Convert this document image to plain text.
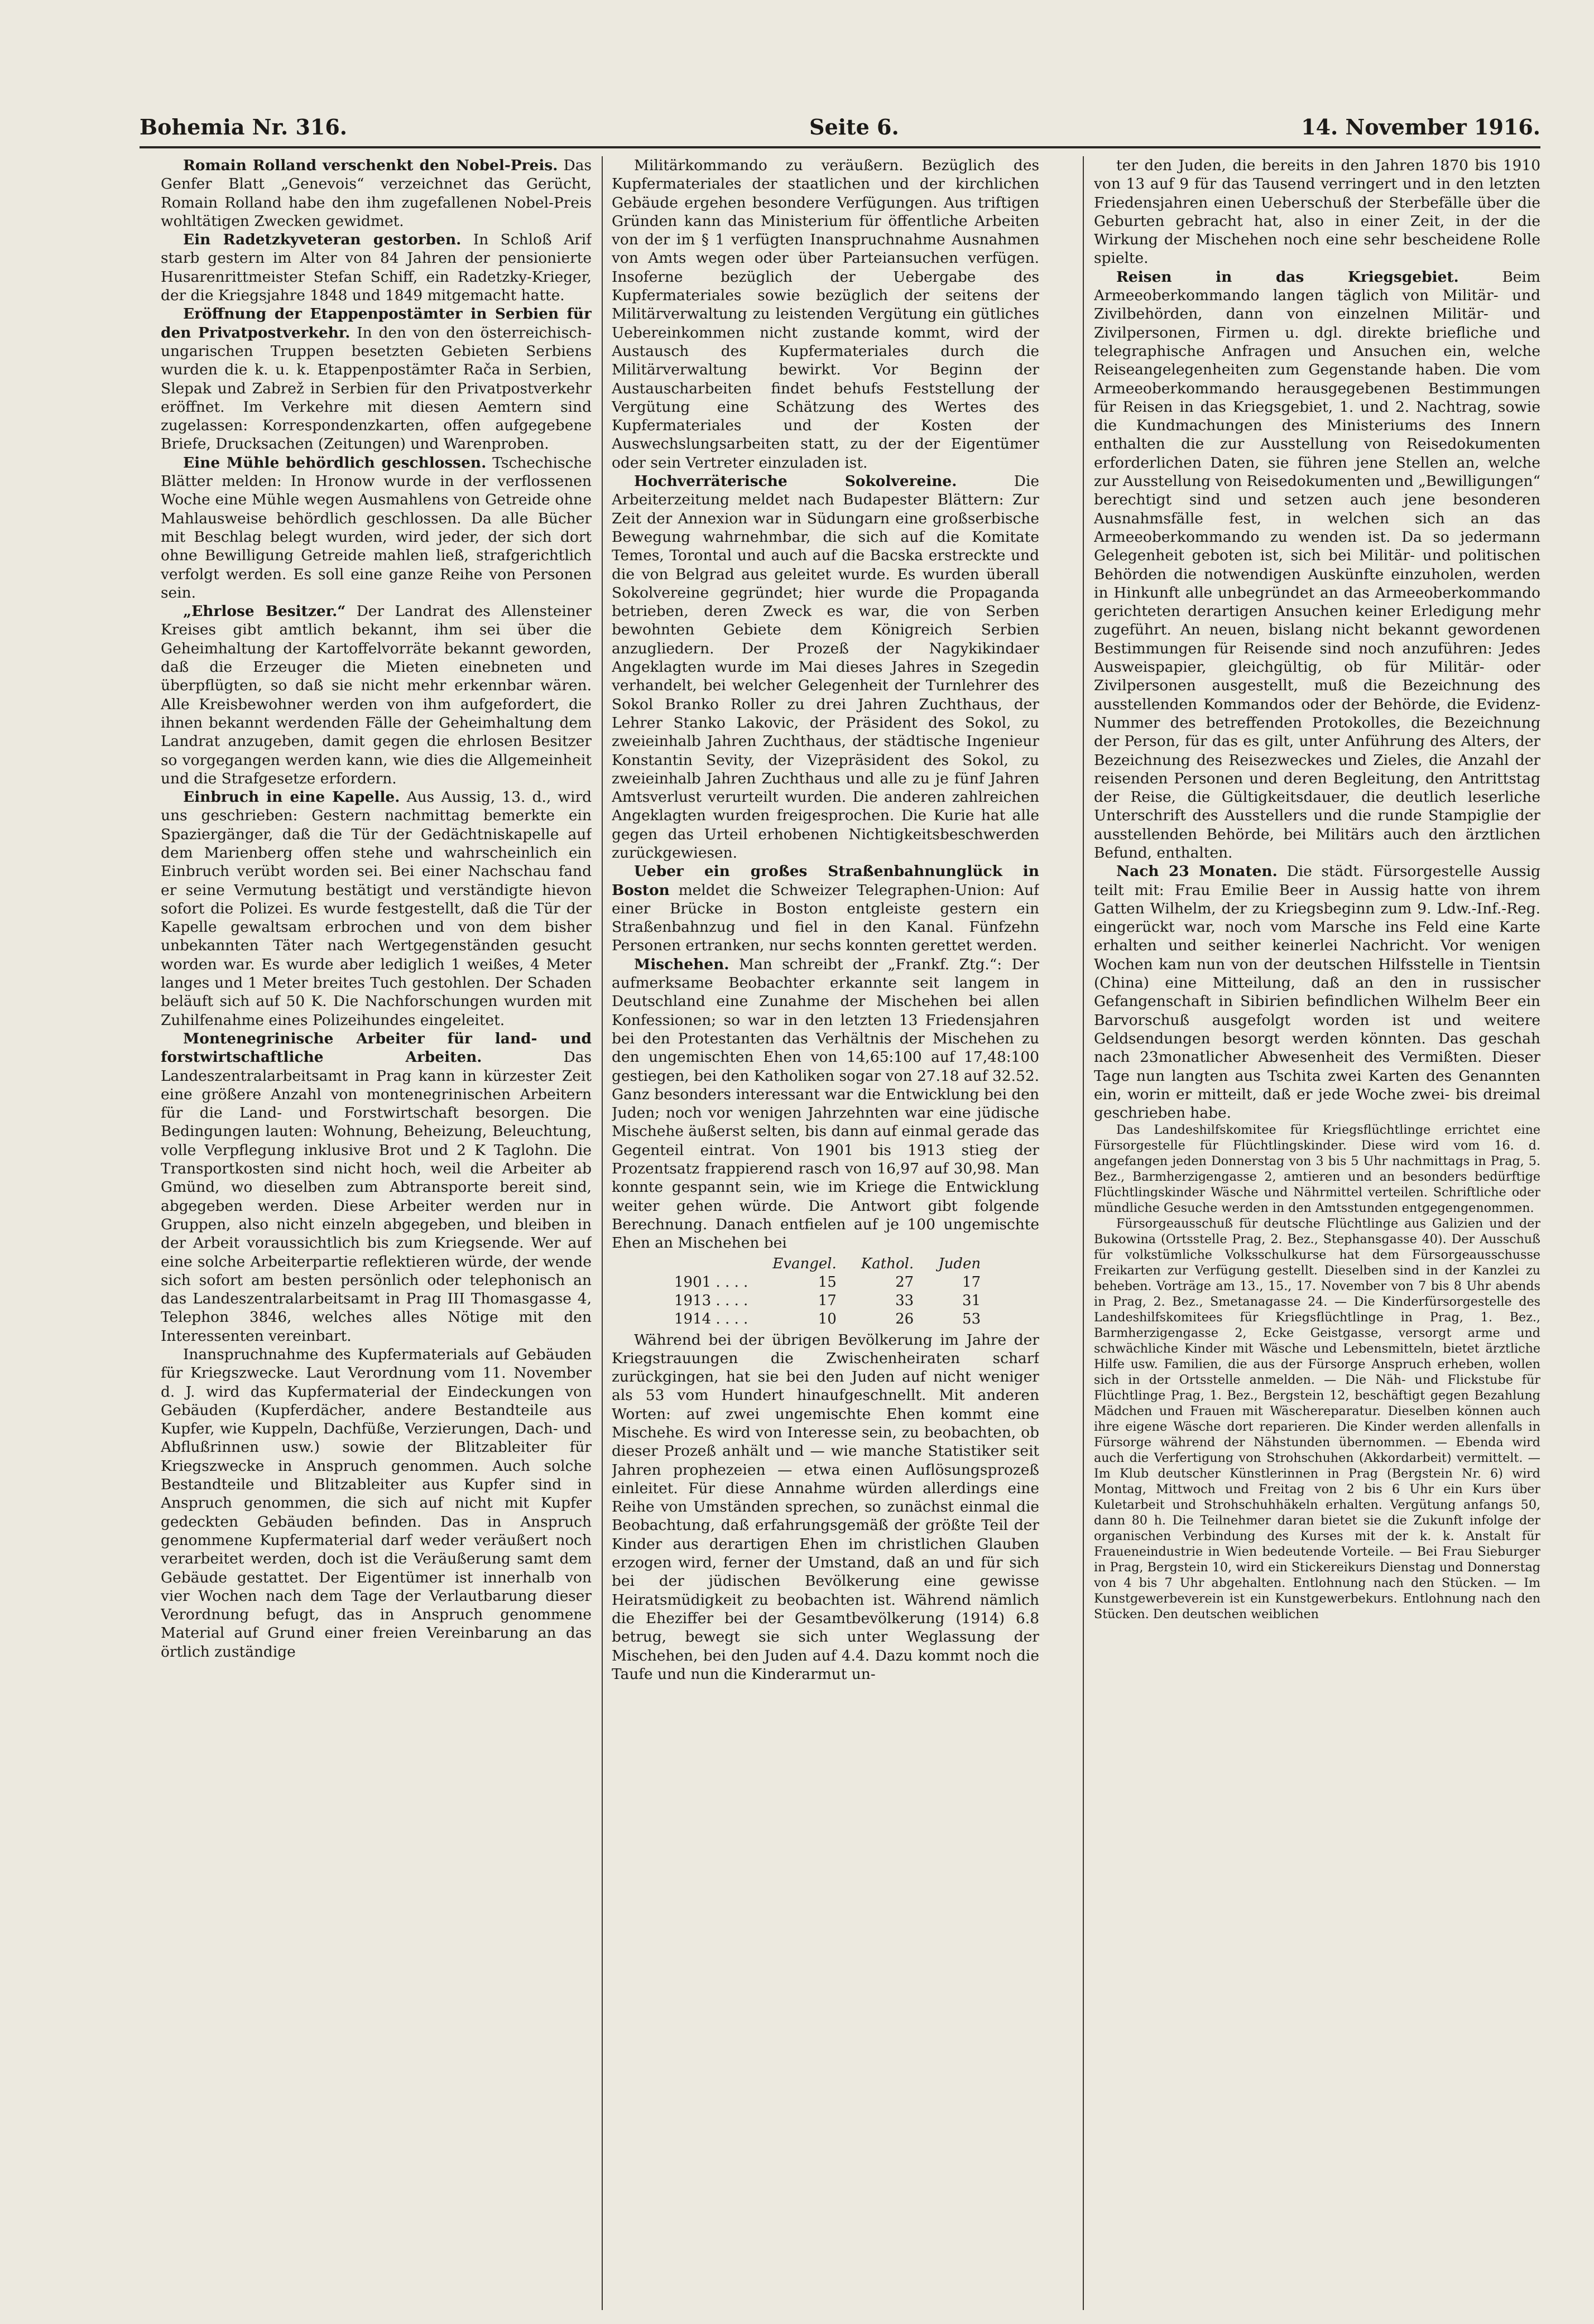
Bohemia Nr. 316.	Seite 6.	14. November 1916.

Romain Rolland verschenkt den Nobel-Preis. Das Genfer Blatt „Genevois“ verzeichnet das Gerücht, Romain Rolland habe den ihm zugefallenen Nobel-Preis wohltätigen Zwecken gewidmet.

Ein Radetzkyveteran gestorben. In Schloß Arif starb gestern im Alter von 84 Jahren der pensionierte Husarenrittmeister Stefan Schiff, ein Radetzky-Krieger, der die Kriegsjahre 1848 und 1849 mitgemacht hatte.

Eröffnung der Etappenpostämter in Serbien für den Privatpostverkehr. In den von den österreichisch-ungarischen Truppen besetzten Gebieten Serbiens wurden die k. u. k. Etappenpostämter Rača in Serbien, Slepak und Zabrež in Serbien für den Privatpostverkehr eröffnet. Im Verkehre mit diesen Aemtern sind zugelassen: Korrespondenzkarten, offen aufgegebene Briefe, Drucksachen (Zeitungen) und Warenproben.

Eine Mühle behördlich geschlossen. Tschechische Blätter melden: In Hronow wurde in der verflossenen Woche eine Mühle wegen Ausmahlens von Getreide ohne Mahlausweise behördlich geschlossen. Da alle Bücher mit Beschlag belegt wurden, wird jeder, der sich dort ohne Bewilligung Getreide mahlen ließ, strafgerichtlich verfolgt werden. Es soll eine ganze Reihe von Personen sein.

„Ehrlose Besitzer.“ Der Landrat des Allensteiner Kreises gibt amtlich bekannt, ihm sei über die Geheimhaltung der Kartoffelvorräte bekannt geworden, daß die Erzeuger die Mieten einebneten und überpflügten, so daß sie nicht mehr erkennbar wären. Alle Kreisbewohner werden von ihm aufgefordert, die ihnen bekannt werdenden Fälle der Geheimhaltung dem Landrat anzugeben, damit gegen die ehrlosen Besitzer so vorgegangen werden kann, wie dies die Allgemeinheit und die Strafgesetze erfordern.

Einbruch in eine Kapelle. Aus Aussig, 13. d., wird uns geschrieben: Gestern nachmittag bemerkte ein Spaziergänger, daß die Tür der Gedächtniskapelle auf dem Marienberg offen stehe und wahrscheinlich ein Einbruch verübt worden sei. Bei einer Nachschau fand er seine Vermutung bestätigt und verständigte hievon sofort die Polizei. Es wurde festgestellt, daß die Tür der Kapelle gewaltsam erbrochen und von dem bisher unbekannten Täter nach Wertgegenständen gesucht worden war. Es wurde aber lediglich 1 weißes, 4 Meter langes und 1 Meter breites Tuch gestohlen. Der Schaden beläuft sich auf 50 K. Die Nachforschungen wurden mit Zuhilfenahme eines Polizeihundes eingeleitet.

Montenegrinische Arbeiter für land- und forstwirtschaftliche Arbeiten.	Das Landeszentralarbeitsamt in Prag kann in kürzester Zeit eine größere Anzahl von montenegrinischen Arbeitern für die Land- und Forstwirtschaft besorgen. Die Bedingungen lauten: Wohnung, Beheizung, Beleuchtung, volle Verpflegung inklusive Brot und 2 K Taglohn. Die Transportkosten sind nicht hoch, weil die Arbeiter ab Gmünd, wo dieselben zum Abtransporte bereit sind, abgegeben werden. Diese Arbeiter werden nur in Gruppen, also nicht einzeln abgegeben, und bleiben in der Arbeit voraussichtlich bis zum Kriegsende. Wer auf eine solche Arbeiterpartie reflektieren würde, der wende sich sofort am besten persönlich oder telephonisch an das Landeszentralarbeitsamt in Prag III Thomasgasse 4, Telephon 3846, welches alles Nötige mit den Interessenten vereinbart.

Inanspruchnahme des Kupfermaterials auf Gebäuden für Kriegszwecke. Laut Verordnung vom 11. November d. J. wird das Kupfermaterial der Eindeckungen von Gebäuden (Kupferdächer, andere Bestandteile aus Kupfer, wie Kuppeln, Dachfüße, Verzierungen, Dach- und Abflußrinnen usw.) sowie der Blitzableiter für Kriegszwecke in Anspruch genommen. Auch solche Bestandteile und Blitzableiter aus Kupfer sind in Anspruch genommen, die sich auf nicht mit Kupfer gedeckten Gebäuden befinden. Das in Anspruch genommene Kupfermaterial darf weder veräußert noch verarbeitet werden, doch ist die Veräußerung samt dem Gebäude gestattet. Der Eigentümer ist innerhalb von vier Wochen nach dem Tage der Verlautbarung dieser Verordnung befugt, das in Anspruch genommene Material auf Grund einer freien Vereinbarung an das örtlich zuständige

Militärkommando zu veräußern. Bezüglich des Kupfermateriales der staatlichen und der kirchlichen Gebäude ergehen besondere Verfügungen. Aus triftigen Gründen kann das Ministerium für öffentliche Arbeiten von der im § 1 verfügten Inanspruchnahme Ausnahmen von Amts wegen oder über Parteiansuchen verfügen. Insoferne bezüglich der Uebergabe des Kupfermateriales sowie bezüglich der seitens der Militärverwaltung zu leistenden Vergütung ein gütliches Uebereinkommen nicht zustande kommt, wird der Austausch des Kupfermateriales durch die Militärverwaltung bewirkt. Vor Beginn der Austauscharbeiten findet behufs Feststellung der Vergütung eine Schätzung des Wertes des Kupfermateriales und der Kosten der Auswechslungsarbeiten statt, zu der der Eigentümer oder sein Vertreter einzuladen ist.

Hochverräterische Sokolvereine.	Die Arbeiterzeitung meldet nach Budapester Blättern: Zur Zeit der Annexion war in Südungarn eine großserbische Bewegung wahrnehmbar, die sich auf die Komitate Temes, Torontal und auch auf die Bacska erstreckte und die von Belgrad aus geleitet wurde. Es wurden überall Sokolvereine gegründet; hier wurde die Propaganda betrieben, deren Zweck es war, die von Serben bewohnten Gebiete dem Königreich Serbien anzugliedern. Der Prozeß der Nagykikindaer Angeklagten wurde im Mai dieses Jahres in Szegedin verhandelt, bei welcher Gelegenheit der Turnlehrer des Sokol Branko Roller zu drei Jahren Zuchthaus, der Lehrer Stanko Lakovic, der Präsident des Sokol, zu zweieinhalb Jahren Zuchthaus, der städtische Ingenieur Konstantin Sevity, der Vizepräsident des Sokol, zu zweieinhalb Jahren Zuchthaus und alle zu je fünf Jahren Amtsverlust verurteilt wurden. Die anderen zahlreichen Angeklagten wurden freigesprochen. Die Kurie hat alle gegen das Urteil erhobenen Nichtigkeitsbeschwerden zurückgewiesen.

Ueber ein großes Straßenbahnunglück in Boston meldet die Schweizer Telegraphen-Union: Auf einer Brücke in Boston entgleiste gestern ein Straßenbahnzug und fiel in den Kanal. Fünfzehn Personen ertranken, nur sechs konnten gerettet werden.

Mischehen. Man schreibt der „Frankf. Ztg.“: Der aufmerksame Beobachter erkannte seit langem in Deutschland eine Zunahme der Mischehen bei allen Konfessionen; so war in den letzten 13 Friedensjahren bei den Protestanten das Verhältnis der Mischehen zu den ungemischten Ehen von 14,65:100 auf 17,48:100 gestiegen, bei den Katholiken sogar von 27.18 auf 32.52. Ganz besonders interessant war die Entwicklung bei den Juden; noch vor wenigen Jahrzehnten war eine jüdische Mischehe äußerst selten, bis dann auf einmal gerade das Gegenteil eintrat. Von 1901 bis 1913 stieg der Prozentsatz frappierend rasch von 16,97 auf 30,98. Man konnte gespannt sein, wie im Kriege die Entwicklung weiter gehen würde. Die Antwort gibt folgende Berechnung. Danach entfielen auf je 100 ungemischte Ehen an Mischehen bei

	Evangel.	Kathol.	Juden
1901 . . . .	15	27	17
1913 . . . .	17	33	31
1914 . . . .	10	26	53

Während bei der übrigen Bevölkerung im Jahre der Kriegstrauungen die Zwischenheiraten scharf zurückgingen, hat sie bei den Juden auf nicht weniger als 53 vom Hundert hinaufgeschnellt. Mit anderen Worten: auf zwei ungemischte Ehen kommt eine Mischehe. Es wird von Interesse sein, zu beobachten, ob dieser Prozeß anhält und — wie manche Statistiker seit Jahren prophezeien — etwa einen Auflösungsprozeß einleitet. Für diese Annahme würden allerdings eine Reihe von Umständen sprechen, so zunächst einmal die Beobachtung, daß erfahrungsgemäß der größte Teil der Kinder aus derartigen Ehen im christlichen Glauben erzogen wird, ferner der Umstand, daß an und für sich bei der jüdischen Bevölkerung eine gewisse Heiratsmüdigkeit zu beobachten ist. Während nämlich die Eheziffer bei der Gesamtbevölkerung (1914) 6.8 betrug, bewegt sie sich unter Weglassung der Mischehen, bei den Juden auf 4.4. Dazu kommt noch die Taufe und nun die Kinderarmut un-

ter den Juden, die bereits in den Jahren 1870 bis 1910 von 13 auf 9 für das Tausend verringert und in den letzten Friedensjahren einen Ueberschuß der Sterbefälle über die Geburten gebracht hat, also in einer Zeit, in der die Wirkung der Mischehen noch eine sehr bescheidene Rolle spielte.

Reisen in das Kriegsgebiet.	Beim Armeeoberkommando langen täglich von Militär- und Zivilbehörden, dann von einzelnen Militär- und Zivilpersonen, Firmen u. dgl. direkte briefliche und telegraphische Anfragen und Ansuchen ein, welche Reiseangelegenheiten zum Gegenstande haben. Die vom Armeeoberkommando herausgegebenen Bestimmungen für Reisen in das Kriegsgebiet, 1. und 2. Nachtrag, sowie die Kundmachungen des Ministeriums des Innern enthalten die zur Ausstellung von Reisedokumenten erforderlichen Daten, sie führen jene Stellen an, welche zur Ausstellung von Reisedokumenten und „Bewilligungen“ berechtigt sind und setzen auch jene besonderen Ausnahmsfälle fest, in welchen sich an das Armeeoberkommando zu wenden ist. Da so jedermann Gelegenheit geboten ist, sich bei Militär- und politischen Behörden die notwendigen Auskünfte einzuholen, werden in Hinkunft alle unbegründet an das Armeeoberkommando gerichteten derartigen Ansuchen keiner Erledigung mehr zugeführt. An neuen, bislang nicht bekannt gewordenen Bestimmungen für Reisende sind noch anzuführen: Jedes Ausweispapier, gleichgültig, ob für Militär- oder Zivilpersonen ausgestellt, muß die Bezeichnung des ausstellenden Kommandos oder der Behörde, die Evidenz-Nummer des betreffenden Protokolles, die Bezeichnung der Person, für das es gilt, unter Anführung des Alters, der Bezeichnung des Reisezweckes und Zieles, die Anzahl der reisenden Personen und deren Begleitung, den Antrittstag der Reise, die Gültigkeitsdauer, die deutlich leserliche Unterschrift des Ausstellers und die runde Stampiglie der ausstellenden Behörde, bei Militärs auch den ärztlichen Befund, enthalten.

Nach 23 Monaten. Die städt. Fürsorgestelle Aussig teilt mit: Frau Emilie Beer in Aussig hatte von ihrem Gatten Wilhelm, der zu Kriegsbeginn zum 9. Ldw.-Inf.-Reg. eingerückt war, noch vom Marsche ins Feld eine Karte erhalten und seither keinerlei Nachricht. Vor wenigen Wochen kam nun von der deutschen Hilfsstelle in Tientsin (China) eine Mitteilung, daß an den in russischer Gefangenschaft in Sibirien befindlichen Wilhelm Beer ein Barvorschuß ausgefolgt worden ist und weitere Geldsendungen besorgt werden könnten. Das geschah nach 23monatlicher Abwesenheit des Vermißten. Dieser Tage nun langten aus Tschita zwei Karten des Genannten ein, worin er mitteilt, daß er jede Woche zwei- bis dreimal geschrieben habe.

Das Landeshilfskomitee für Kriegsflüchtlinge errichtet eine Fürsorgestelle für Flüchtlingskinder. Diese wird vom 16. d. angefangen jeden Donnerstag von 3 bis 5 Uhr nachmittags in Prag, 5. Bez., Barmherzigengasse 2, amtieren und an besonders bedürftige Flüchtlingskinder Wäsche und Nährmittel verteilen. Schriftliche oder mündliche Gesuche werden in den Amtsstunden entgegengenommen.

Fürsorgeausschuß für deutsche Flüchtlinge aus Galizien und der Bukowina (Ortsstelle Prag, 2. Bez., Stephansgasse 40). Der Ausschuß für volkstümliche Volksschulkurse hat dem Fürsorgeausschusse Freikarten zur Verfügung gestellt. Dieselben sind in der Kanzlei zu beheben. Vorträge am 13., 15., 17. November von 7 bis 8 Uhr abends in Prag, 2. Bez., Smetanagasse 24. — Die Kinderfürsorgestelle des Landeshilfskomitees für Kriegsflüchtlinge in Prag, 1. Bez., Barmherzigengasse 2, Ecke Geistgasse, versorgt arme und schwächliche Kinder mit Wäsche und Lebensmitteln, bietet ärztliche Hilfe usw. Familien, die aus der Fürsorge Anspruch erheben, wollen sich in der Ortsstelle anmelden. — Die Näh- und Flickstube für Flüchtlinge Prag, 1. Bez., Bergstein 12, beschäftigt gegen Bezahlung Mädchen und Frauen mit Wäschereparatur. Dieselben können auch ihre eigene Wäsche dort reparieren. Die Kinder werden allenfalls in Fürsorge während der Nähstunden übernommen. — Ebenda wird auch die Verfertigung von Strohschuhen (Akkordarbeit) vermittelt. — Im Klub deutscher Künstlerinnen in Prag (Bergstein Nr. 6) wird Montag, Mittwoch und Freitag von 2 bis 6 Uhr ein Kurs über Kuletarbeit und Strohschuhhäkeln erhalten. Vergütung anfangs 50, dann 80 h. Die Teilnehmer daran bietet sie die Zukunft infolge der organischen Verbindung des Kurses mit der k. k. Anstalt für Fraueneindustrie in Wien bedeutende Vorteile. — Bei Frau Sieburger in Prag, Bergstein 10, wird ein Stickereikurs Dienstag und Donnerstag von 4 bis 7 Uhr abgehalten. Entlohnung nach den Stücken. — Im Kunstgewerbeverein ist ein Kunstgewerbekurs. Entlohnung nach den Stücken. Den deutschen weiblichen
